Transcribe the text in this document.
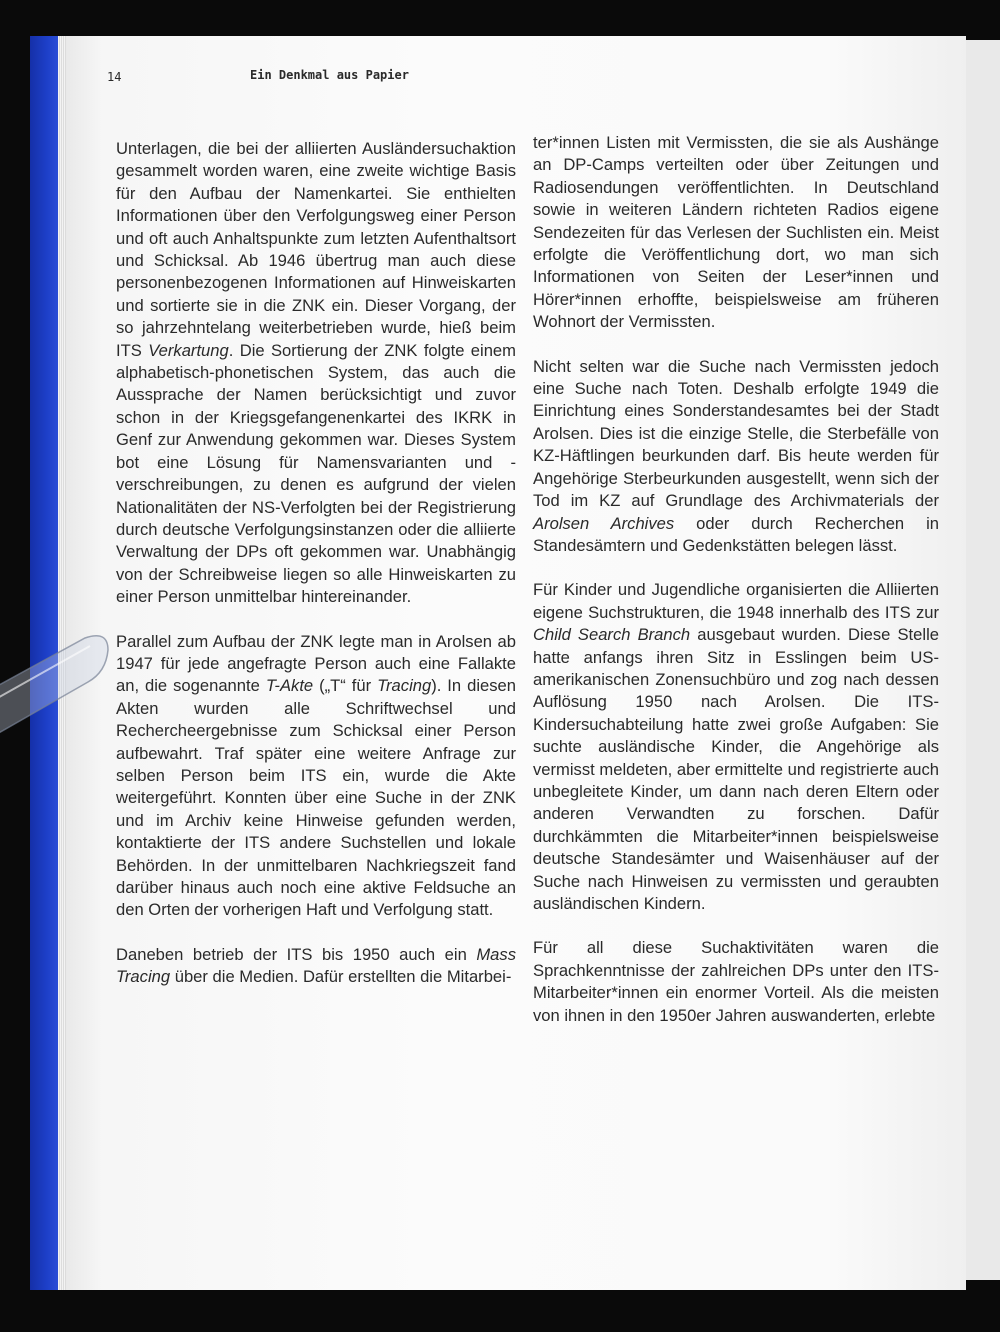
14	Ein Denkmal aus Papier

Unterlagen, die bei der alliierten Ausländersuchaktion gesammelt worden waren, eine zweite wichtige Basis für den Aufbau der Namenkartei. Sie enthielten Informationen über den Verfolgungsweg einer Person und oft auch Anhaltspunkte zum letzten Aufenthaltsort und Schicksal. Ab 1946 übertrug man auch diese personenbezogenen Informationen auf Hinweiskarten und sortierte sie in die ZNK ein. Dieser Vorgang, der so jahrzehntelang weiterbetrieben wurde, hieß beim ITS Verkartung. Die Sortierung der ZNK folgte einem alphabetisch-phonetischen System, das auch die Aussprache der Namen berücksichtigt und zuvor schon in der Kriegsgefangenenkartei des IKRK in Genf zur Anwendung gekommen war. Dieses System bot eine Lösung für Namensvarianten und -verschreibungen, zu denen es aufgrund der vielen Nationalitäten der NS-Verfolgten bei der Registrierung durch deutsche Verfolgungsinstanzen oder die alliierte Verwaltung der DPs oft gekommen war. Unabhängig von der Schreibweise liegen so alle Hinweiskarten zu einer Person unmittelbar hintereinander.

Parallel zum Aufbau der ZNK legte man in Arolsen ab 1947 für jede angefragte Person auch eine Fallakte an, die sogenannte T-Akte („T“ für Tracing). In diesen Akten wurden alle Schriftwechsel und Rechercheergebnisse zum Schicksal einer Person aufbewahrt. Traf später eine weitere Anfrage zur selben Person beim ITS ein, wurde die Akte weitergeführt. Konnten über eine Suche in der ZNK und im Archiv keine Hinweise gefunden werden, kontaktierte der ITS andere Suchstellen und lokale Behörden. In der unmittelbaren Nachkriegszeit fand darüber hinaus auch noch eine aktive Feldsuche an den Orten der vorherigen Haft und Verfolgung statt.

Daneben betrieb der ITS bis 1950 auch ein Mass Tracing über die Medien. Dafür erstellten die Mitarbei-

ter*innen Listen mit Vermissten, die sie als Aushänge an DP-Camps verteilten oder über Zeitungen und Radiosendungen veröffentlichten. In Deutschland sowie in weiteren Ländern richteten Radios eigene Sendezeiten für das Verlesen der Suchlisten ein. Meist erfolgte die Veröffentlichung dort, wo man sich Informationen von Seiten der Leser*innen und Hörer*innen erhoffte, beispielsweise am früheren Wohnort der Vermissten.

Nicht selten war die Suche nach Vermissten jedoch eine Suche nach Toten. Deshalb erfolgte 1949 die Einrichtung eines Sonderstandesamtes bei der Stadt Arolsen. Dies ist die einzige Stelle, die Sterbefälle von KZ-Häftlingen beurkunden darf. Bis heute werden für Angehörige Sterbeurkunden ausgestellt, wenn sich der Tod im KZ auf Grundlage des Archivmaterials der Arolsen Archives oder durch Recherchen in Standesämtern und Gedenkstätten belegen lässt.

Für Kinder und Jugendliche organisierten die Alliierten eigene Suchstrukturen, die 1948 innerhalb des ITS zur Child Search Branch ausgebaut wurden. Diese Stelle hatte anfangs ihren Sitz in Esslingen beim US-amerikanischen Zonensuchbüro und zog nach dessen Auflösung 1950 nach Arolsen. Die ITS-Kindersuchabteilung hatte zwei große Aufgaben: Sie suchte ausländische Kinder, die Angehörige als vermisst meldeten, aber ermittelte und registrierte auch unbegleitete Kinder, um dann nach deren Eltern oder anderen Verwandten zu forschen. Dafür durchkämmten die Mitarbeiter*innen beispielsweise deutsche Standesämter und Waisenhäuser auf der Suche nach Hinweisen zu vermissten und geraubten ausländischen Kindern.

Für all diese Suchaktivitäten waren die Sprachkenntnisse der zahlreichen DPs unter den ITS-Mitarbeiter*innen ein enormer Vorteil. Als die meisten von ihnen in den 1950er Jahren auswanderten, erlebte
